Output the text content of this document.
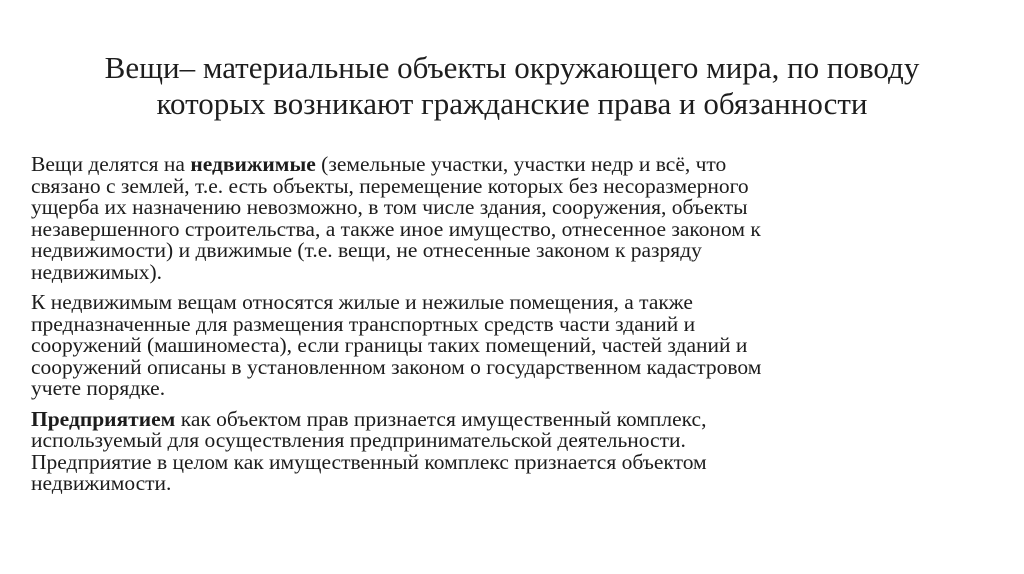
Вещи– материальные объекты окружающего мира, по поводу
которых возникают гражданские права и обязанности
Вещи делятся на недвижимые (земельные участки, участки недр и всё, что
связано с землей, т.е. есть объекты, перемещение которых без несоразмерного
ущерба их назначению невозможно, в том числе здания, сооружения, объекты
незавершенного строительства, а также иное имущество, отнесенное законом к
недвижимости) и движимые (т.е. вещи, не отнесенные законом к разряду
недвижимых).
К недвижимым вещам относятся жилые и нежилые помещения, а также
предназначенные для размещения транспортных средств части зданий и
сооружений (машиноместа), если границы таких помещений, частей зданий и
сооружений описаны в установленном законом о государственном кадастровом
учете порядке.
Предприятием как объектом прав признается имущественный комплекс,
используемый для осуществления предпринимательской деятельности.
Предприятие в целом как имущественный комплекс признается объектом
недвижимости.
